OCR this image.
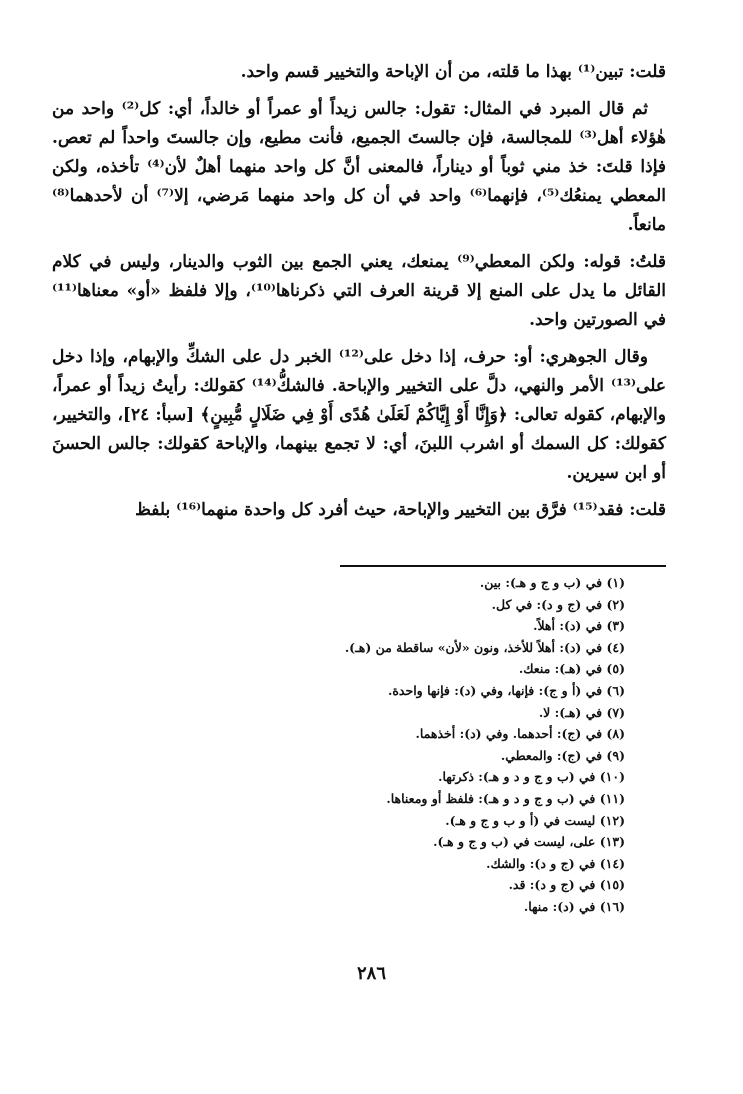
قلت: تبين⁽¹⁾ بهذا ما قلته، من أن الإباحة والتخيير قسم واحد.

ثم قال المبرد في المثال: تقول: جالس زيداً أو عمراً أو خالداً، أي: كل⁽²⁾ واحد من هٰؤلاء أهل⁽³⁾ للمجالسة، فإن جالستَ الجميع، فأنت مطيع، وإن جالستَ واحداً لم تعص. فإذا قلتَ: خذ مني ثوباً أو ديناراً، فالمعنى أنَّ كل واحد منهما أهلٌ لأن⁽⁴⁾ تأخذه، ولكن المعطي يمنعُك⁽⁵⁾، فإنهما⁽⁶⁾ واحد في أن كل واحد منهما مَرضي، إلا⁽⁷⁾ أن لأحدهما⁽⁸⁾ مانعاً.

قلتُ: قوله: ولكن المعطي⁽⁹⁾ يمنعك، يعني الجمع بين الثوب والدينار، وليس في كلام القائل ما يدل على المنع إلا قرينة العرف التي ذكرناها⁽¹⁰⁾، وإلا فلفظ «أو» معناها⁽¹¹⁾ في الصورتين واحد.

وقال الجوهري: أو: حرف، إذا دخل على⁽¹²⁾ الخبر دل على الشكِّ والإبهام، وإذا دخل على⁽¹³⁾ الأمر والنهي، دلَّ على التخيير والإباحة. فالشكُّ⁽¹⁴⁾ كقولك: رأيتُ زيداً أو عمراً، والإبهام، كقوله تعالى: ﴿وَإِنَّا أَوْ إِيَّاكُمْ لَعَلَىٰ هُدًى أَوْ فِي ضَلَالٍ مُّبِينٍ﴾ [سبأ: ٢٤]، والتخيير، كقولك: كل السمك أو اشرب اللبنَ، أي: لا تجمع بينهما، والإباحة كقولك: جالس الحسنَ أو ابن سيرين.

قلت: فقد⁽¹⁵⁾ فرَّق بين التخيير والإباحة، حيث أفرد كل واحدة منهما⁽¹⁶⁾ بلفظ

(١) في (ب و ج و هـ): بين.
(٢) في (ج و د): في كل.
(٣) في (د): أهلاً.
(٤) في (د): أهلاً للأخذ، ونون «لأن» ساقطة من (هـ).
(٥) في (هـ): منعك.
(٦) في (أ و ج): فإنها، وفي (د): فإنها واحدة.
(٧) في (هـ): لا.
(٨) في (ج): أحدهما. وفي (د): أخذهما.
(٩) في (ج): والمعطي.
(١٠) في (ب و ج و د و هـ): ذكرتها.
(١١) في (ب و ج و د و هـ): فلفظ أو ومعناها.
(١٢) ليست في (أ و ب و ج و هـ).
(١٣) على، ليست في (ب و ج و هـ).
(١٤) في (ج و د): والشك.
(١٥) في (ج و د): قد.
(١٦) في (د): منها.
٢٨٦
